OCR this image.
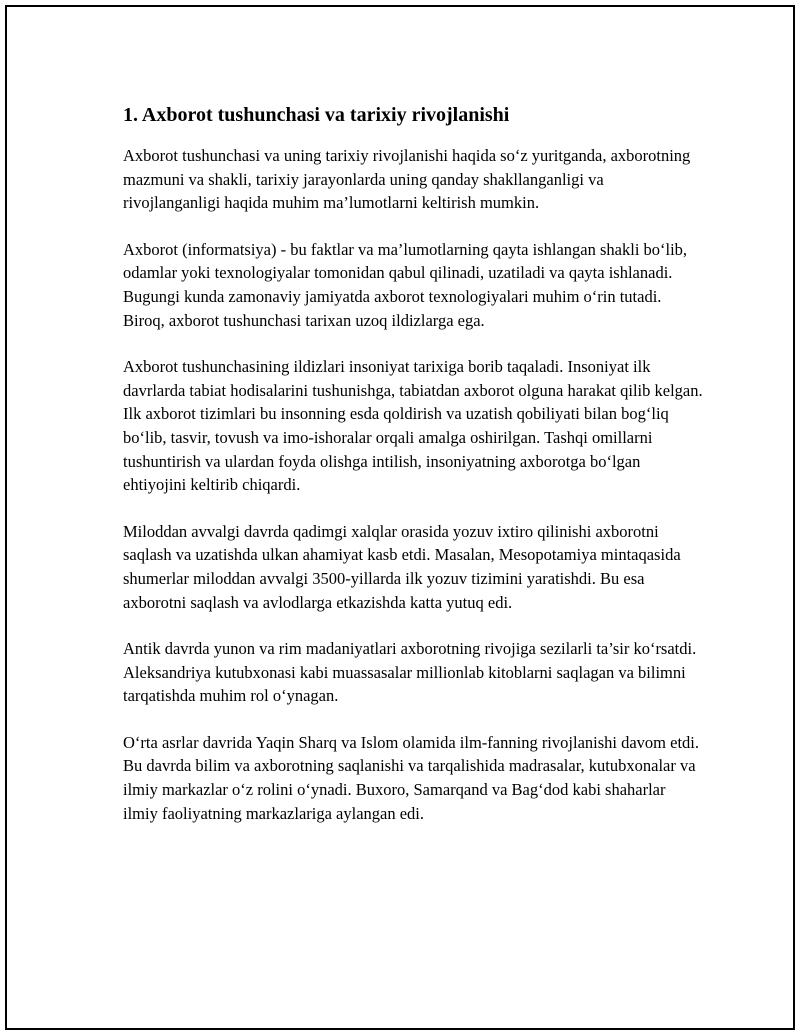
1. Axborot tushunchasi va tarixiy rivojlanishi

Axborot tushunchasi va uning tarixiy rivojlanishi haqida so‘z yuritganda, axborotning mazmuni va shakli, tarixiy jarayonlarda uning qanday shakllanganligi va rivojlanganligi haqida muhim ma’lumotlarni keltirish mumkin.

Axborot (informatsiya) - bu faktlar va ma’lumotlarning qayta ishlangan shakli bo‘lib, odamlar yoki texnologiyalar tomonidan qabul qilinadi, uzatiladi va qayta ishlanadi. Bugungi kunda zamonaviy jamiyatda axborot texnologiyalari muhim o‘rin tutadi. Biroq, axborot tushunchasi tarixan uzoq ildizlarga ega.

Axborot tushunchasining ildizlari insoniyat tarixiga borib taqaladi. Insoniyat ilk davrlarda tabiat hodisalarini tushunishga, tabiatdan axborot olguna harakat qilib kelgan. Ilk axborot tizimlari bu insonning esda qoldirish va uzatish qobiliyati bilan bog‘liq bo‘lib, tasvir, tovush va imo-ishoralar orqali amalga oshirilgan. Tashqi omillarni tushuntirish va ulardan foyda olishga intilish, insoniyatning axborotga bo‘lgan ehtiyojini keltirib chiqardi.

Miloddan avvalgi davrda qadimgi xalqlar orasida yozuv ixtiro qilinishi axborotni saqlash va uzatishda ulkan ahamiyat kasb etdi. Masalan, Mesopotamiya mintaqasida shumerlar miloddan avvalgi 3500-yillarda ilk yozuv tizimini yaratishdi. Bu esa axborotni saqlash va avlodlarga etkazishda katta yutuq edi.

Antik davrda yunon va rim madaniyatlari axborotning rivojiga sezilarli ta’sir ko‘rsatdi. Aleksandriya kutubxonasi kabi muassasalar millionlab kitoblarni saqlagan va bilimni tarqatishda muhim rol o‘ynagan.

O‘rta asrlar davrida Yaqin Sharq va Islom olamida ilm-fanning rivojlanishi davom etdi. Bu davrda bilim va axborotning saqlanishi va tarqalishida madrasalar, kutubxonalar va ilmiy markazlar o‘z rolini o‘ynadi. Buxoro, Samarqand va Bag‘dod kabi shaharlar ilmiy faoliyatning markazlariga aylangan edi.
